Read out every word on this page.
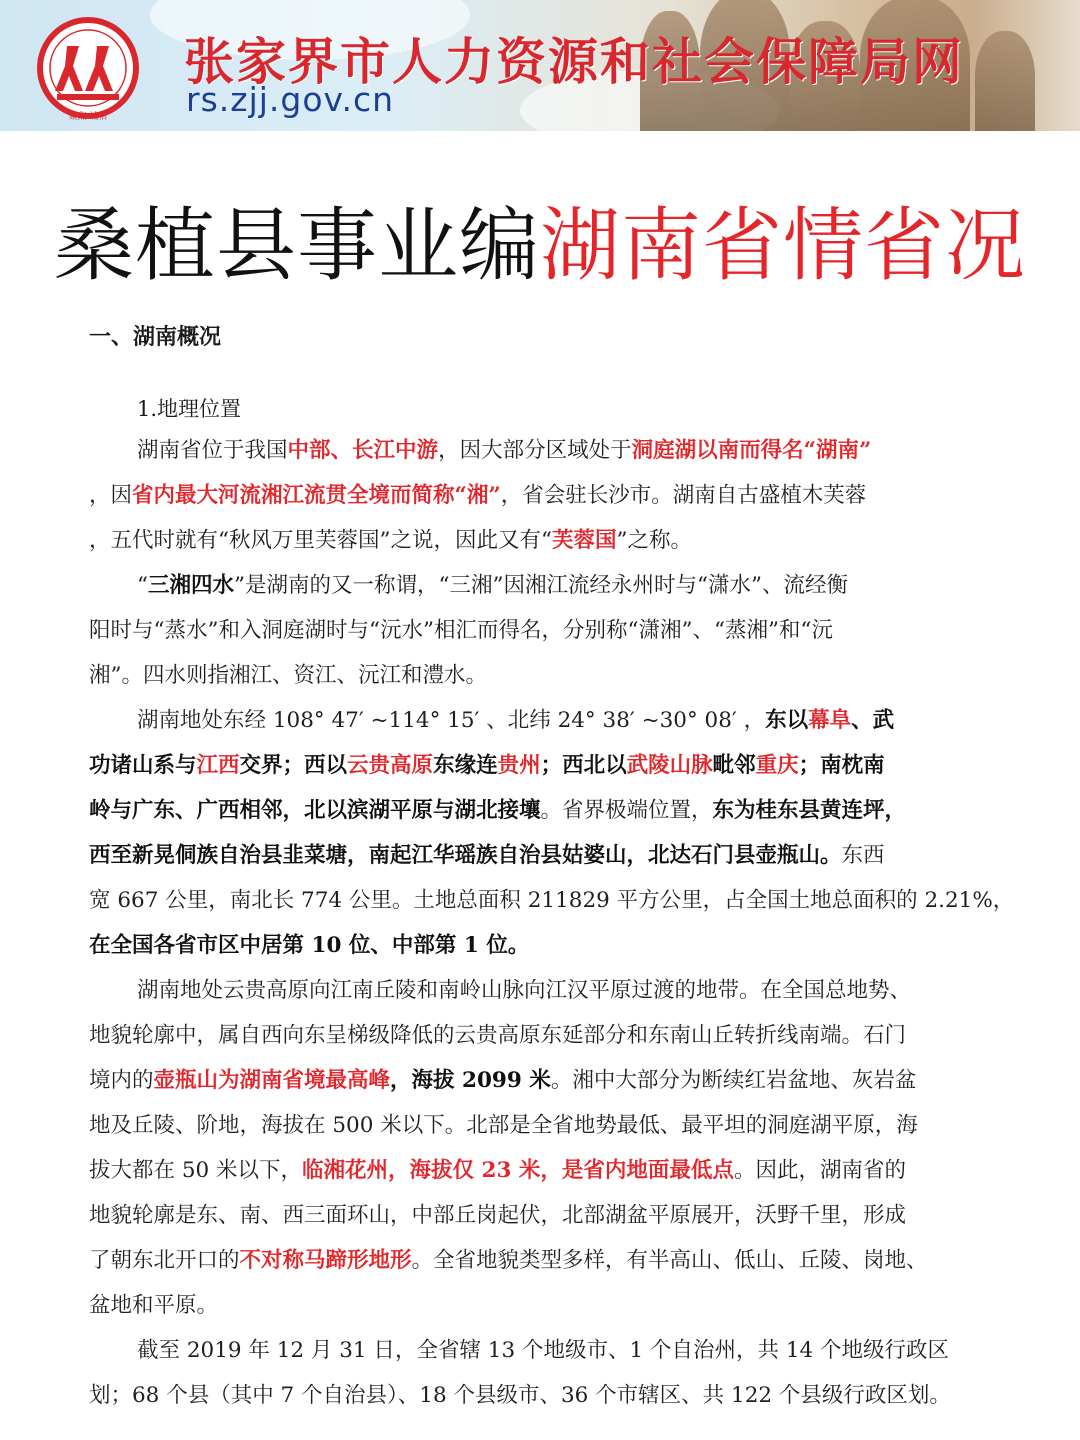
聚焦 诚信
张家界市人力资源和社会保障局网
rs.zjj.gov.cn
桑植县事业编湖南省情省况
一、湖南概况
1.地理位置
湖南省位于我国中部、长江中游，因大部分区域处于洞庭湖以南而得名“湖南”
，因省内最大河流湘江流贯全境而简称“湘”，省会驻长沙市。湖南自古盛植木芙蓉
，五代时就有“秋风万里芙蓉国”之说，因此又有“芙蓉国”之称。
“三湘四水”是湖南的又一称谓，“三湘”因湘江流经永州时与“潇水”、流经衡
阳时与“蒸水”和入洞庭湖时与“沅水”相汇而得名，分别称“潇湘”、“蒸湘”和“沅
湘”。四水则指湘江、资江、沅江和澧水。
湖南地处东经 108° 47′ ~114° 15′ 、北纬 24° 38′ ~30° 08′ ，东以幕阜、武
功诸山系与江西交界；西以云贵高原东缘连贵州；西北以武陵山脉毗邻重庆；南枕南
岭与广东、广西相邻，北以滨湖平原与湖北接壤。省界极端位置，东为桂东县黄连坪，
西至新晃侗族自治县韭菜塘，南起江华瑶族自治县姑婆山，北达石门县壶瓶山。东西
宽 667 公里，南北长 774 公里。土地总面积 211829 平方公里，占全国土地总面积的 2.21%，
在全国各省市区中居第 10 位、中部第 1 位。
湖南地处云贵高原向江南丘陵和南岭山脉向江汉平原过渡的地带。在全国总地势、
地貌轮廓中，属自西向东呈梯级降低的云贵高原东延部分和东南山丘转折线南端。石门
境内的壶瓶山为湖南省境最高峰，海拔 2099 米。湘中大部分为断续红岩盆地、灰岩盆
地及丘陵、阶地，海拔在 500 米以下。北部是全省地势最低、最平坦的洞庭湖平原，海
拔大都在 50 米以下，临湘花州，海拔仅 23 米，是省内地面最低点。因此，湖南省的
地貌轮廓是东、南、西三面环山，中部丘岗起伏，北部湖盆平原展开，沃野千里，形成
了朝东北开口的不对称马蹄形地形。全省地貌类型多样，有半高山、低山、丘陵、岗地、
盆地和平原。
截至 2019 年 12 月 31 日，全省辖 13 个地级市、1 个自治州，共 14 个地级行政区
划；68 个县（其中 7 个自治县）、18 个县级市、36 个市辖区、共 122 个县级行政区划。
